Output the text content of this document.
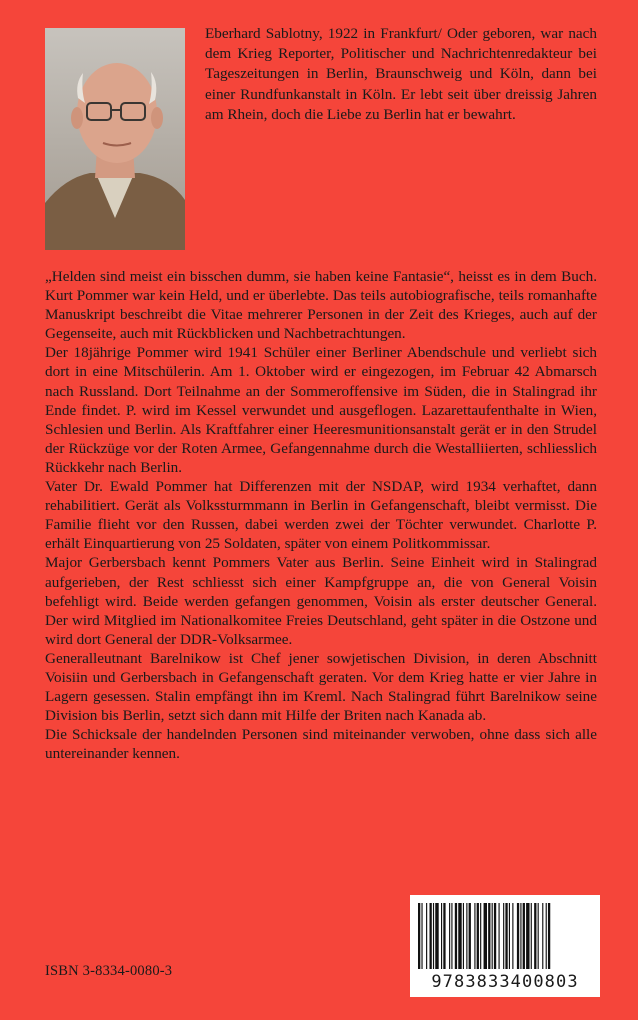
Eberhard Sablotny, 1922 in Frankfurt/ Oder geboren, war nach dem Krieg Reporter, Politischer und Nachrichtenredakteur bei Tageszeitungen in Berlin, Braunschweig und Köln, dann bei einer Rundfunkanstalt in Köln. Er lebt seit über dreissig Jahren am Rhein, doch die Liebe zu Berlin hat er bewahrt.

„Helden sind meist ein bisschen dumm, sie haben keine Fantasie“, heisst es in dem Buch. Kurt Pommer war kein Held, und er überlebte. Das teils autobiografische, teils romanhafte Manuskript beschreibt die Vitae mehrerer Personen in der Zeit des Krieges, auch auf der Gegenseite, auch mit Rückblicken und Nachbetrachtungen.

Der 18jährige Pommer wird 1941 Schüler einer Berliner Abendschule und verliebt sich dort in eine Mitschülerin. Am 1. Oktober wird er eingezogen, im Februar 42 Abmarsch nach Russland. Dort Teilnahme an der Sommeroffensive im Süden, die in Stalingrad ihr Ende findet. P. wird im Kessel verwundet und ausgeflogen. Lazarettaufenthalte in Wien, Schlesien und Berlin. Als Kraftfahrer einer Heeresmunitionsanstalt gerät er in den Strudel der Rückzüge vor der Roten Armee, Gefangennahme durch die Westalliierten, schliesslich Rückkehr nach Berlin.

Vater Dr. Ewald Pommer hat Differenzen mit der NSDAP, wird 1934 verhaftet, dann rehabilitiert. Gerät als Volkssturmmann in Berlin in Gefangenschaft, bleibt vermisst. Die Familie flieht vor den Russen, dabei werden zwei der Töchter verwundet. Charlotte P. erhält Einquartierung von 25 Soldaten, später von einem Politkommissar.

Major Gerbersbach kennt Pommers Vater aus Berlin. Seine Einheit wird in Stalingrad aufgerieben, der Rest schliesst sich einer Kampfgruppe an, die von General Voisin befehligt wird. Beide werden gefangen genommen, Voisin als erster deutscher General. Der wird Mitglied im Nationalkomitee Freies Deutschland, geht später in die Ostzone und wird dort General der DDR-Volksarmee.

Generalleutnant Barelnikow ist Chef jener sowjetischen Division, in deren Abschnitt Voisiin und Gerbersbach in Gefangenschaft geraten. Vor dem Krieg hatte er vier Jahre in Lagern gesessen. Stalin empfängt ihn im Kreml. Nach Stalingrad führt Barelnikow seine Division bis Berlin, setzt sich dann mit Hilfe der Briten nach Kanada ab.

Die Schicksale der handelnden Personen sind miteinander verwoben, ohne dass sich alle untereinander kennen.

ISBN 3-8334-0080-3
9783833400803
